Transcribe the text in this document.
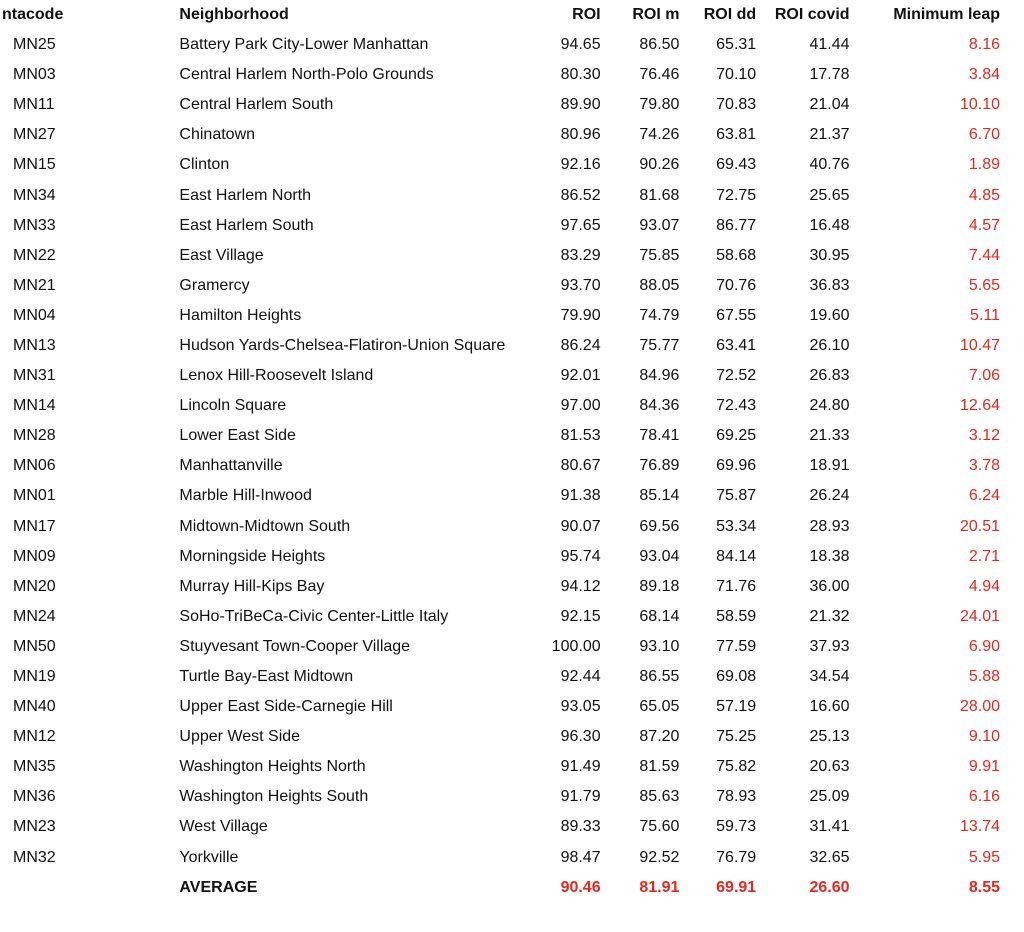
ntacode	Neighborhood	ROI	ROI m	ROI dd	ROI covid	Minimum leap
MN25	Battery Park City-Lower Manhattan	94.65	86.50	65.31	41.44	8.16
MN03	Central Harlem North-Polo Grounds	80.30	76.46	70.10	17.78	3.84
MN11	Central Harlem South	89.90	79.80	70.83	21.04	10.10
MN27	Chinatown	80.96	74.26	63.81	21.37	6.70
MN15	Clinton	92.16	90.26	69.43	40.76	1.89
MN34	East Harlem North	86.52	81.68	72.75	25.65	4.85
MN33	East Harlem South	97.65	93.07	86.77	16.48	4.57
MN22	East Village	83.29	75.85	58.68	30.95	7.44
MN21	Gramercy	93.70	88.05	70.76	36.83	5.65
MN04	Hamilton Heights	79.90	74.79	67.55	19.60	5.11
MN13	Hudson Yards-Chelsea-Flatiron-Union Square	86.24	75.77	63.41	26.10	10.47
MN31	Lenox Hill-Roosevelt Island	92.01	84.96	72.52	26.83	7.06
MN14	Lincoln Square	97.00	84.36	72.43	24.80	12.64
MN28	Lower East Side	81.53	78.41	69.25	21.33	3.12
MN06	Manhattanville	80.67	76.89	69.96	18.91	3.78
MN01	Marble Hill-Inwood	91.38	85.14	75.87	26.24	6.24
MN17	Midtown-Midtown South	90.07	69.56	53.34	28.93	20.51
MN09	Morningside Heights	95.74	93.04	84.14	18.38	2.71
MN20	Murray Hill-Kips Bay	94.12	89.18	71.76	36.00	4.94
MN24	SoHo-TriBeCa-Civic Center-Little Italy	92.15	68.14	58.59	21.32	24.01
MN50	Stuyvesant Town-Cooper Village	100.00	93.10	77.59	37.93	6.90
MN19	Turtle Bay-East Midtown	92.44	86.55	69.08	34.54	5.88
MN40	Upper East Side-Carnegie Hill	93.05	65.05	57.19	16.60	28.00
MN12	Upper West Side	96.30	87.20	75.25	25.13	9.10
MN35	Washington Heights North	91.49	81.59	75.82	20.63	9.91
MN36	Washington Heights South	91.79	85.63	78.93	25.09	6.16
MN23	West Village	89.33	75.60	59.73	31.41	13.74
MN32	Yorkville	98.47	92.52	76.79	32.65	5.95
	AVERAGE	90.46	81.91	69.91	26.60	8.55
